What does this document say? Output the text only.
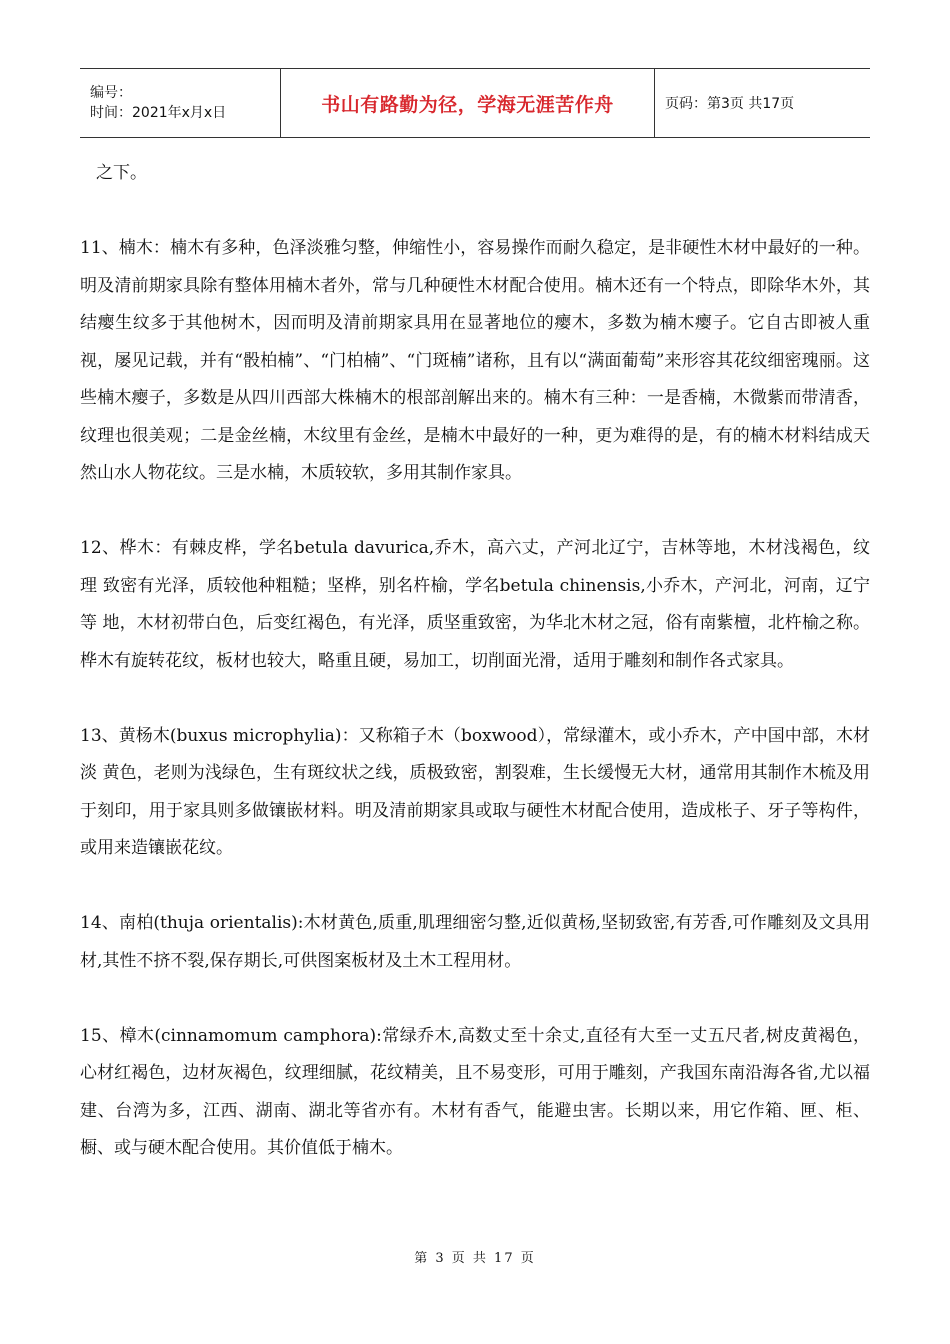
编号：
时间：2021年x月x日	书山有路勤为径，学海无涯苦作舟	页码：第3页 共17页

之下。

11、楠木：楠木有多种，色泽淡雅匀整，伸缩性小，容易操作而耐久稳定，是非硬性木材中最好的一种。明及清前期家具除有整体用楠木者外，常与几种硬性木材配合使用。楠木还有一个特点，即除华木外，其结瘿生纹多于其他树木，因而明及清前期家具用在显著地位的瘿木，多数为楠木瘿子。它自古即被人重视，屡见记载，并有“骰柏楠”、“门柏楠”、“门斑楠”诸称，且有以“满面葡萄”来形容其花纹细密瑰丽。这些楠木瘿子，多数是从四川西部大株楠木的根部剖解出来的。楠木有三种：一是香楠，木微紫而带清香，纹理也很美观；二是金丝楠，木纹里有金丝，是楠木中最好的一种，更为难得的是，有的楠木材料结成天然山水人物花纹。三是水楠，木质较软，多用其制作家具。

12、桦木：有棘皮桦，学名betula davurica,乔木，高六丈，产河北辽宁，吉林等地，木材浅褐色，纹理 致密有光泽，质较他种粗糙；坚桦，别名杵榆，学名betula chinensis,小乔木，产河北，河南，辽宁等 地，木材初带白色，后变红褐色，有光泽，质坚重致密，为华北木材之冠，俗有南紫檀，北杵榆之称。桦木有旋转花纹，板材也较大，略重且硬，易加工，切削面光滑，适用于雕刻和制作各式家具。

13、黄杨木(buxus microphylia)：又称箱子木（boxwood），常绿灌木，或小乔木，产中国中部，木材淡 黄色，老则为浅绿色，生有斑纹状之线，质极致密，割裂难，生长缓慢无大材，通常用其制作木梳及用于刻印，用于家具则多做镶嵌材料。明及清前期家具或取与硬性木材配合使用，造成枨子、牙子等构件，或用来造镶嵌花纹。

14、南柏(thuja orientalis):木材黄色,质重,肌理细密匀整,近似黄杨,坚韧致密,有芳香,可作雕刻及文具用材,其性不挤不裂,保存期长,可供图案板材及土木工程用材。

15、樟木(cinnamomum camphora):常绿乔木,高数丈至十余丈,直径有大至一丈五尺者,树皮黄褐色，心材红褐色，边材灰褐色，纹理细腻，花纹精美，且不易变形，可用于雕刻，产我国东南沿海各省,尤以福建、台湾为多，江西、湖南、湖北等省亦有。木材有香气，能避虫害。长期以来，用它作箱、匣、柜、橱、或与硬木配合使用。其价值低于楠木。

第 3 页 共 17 页
